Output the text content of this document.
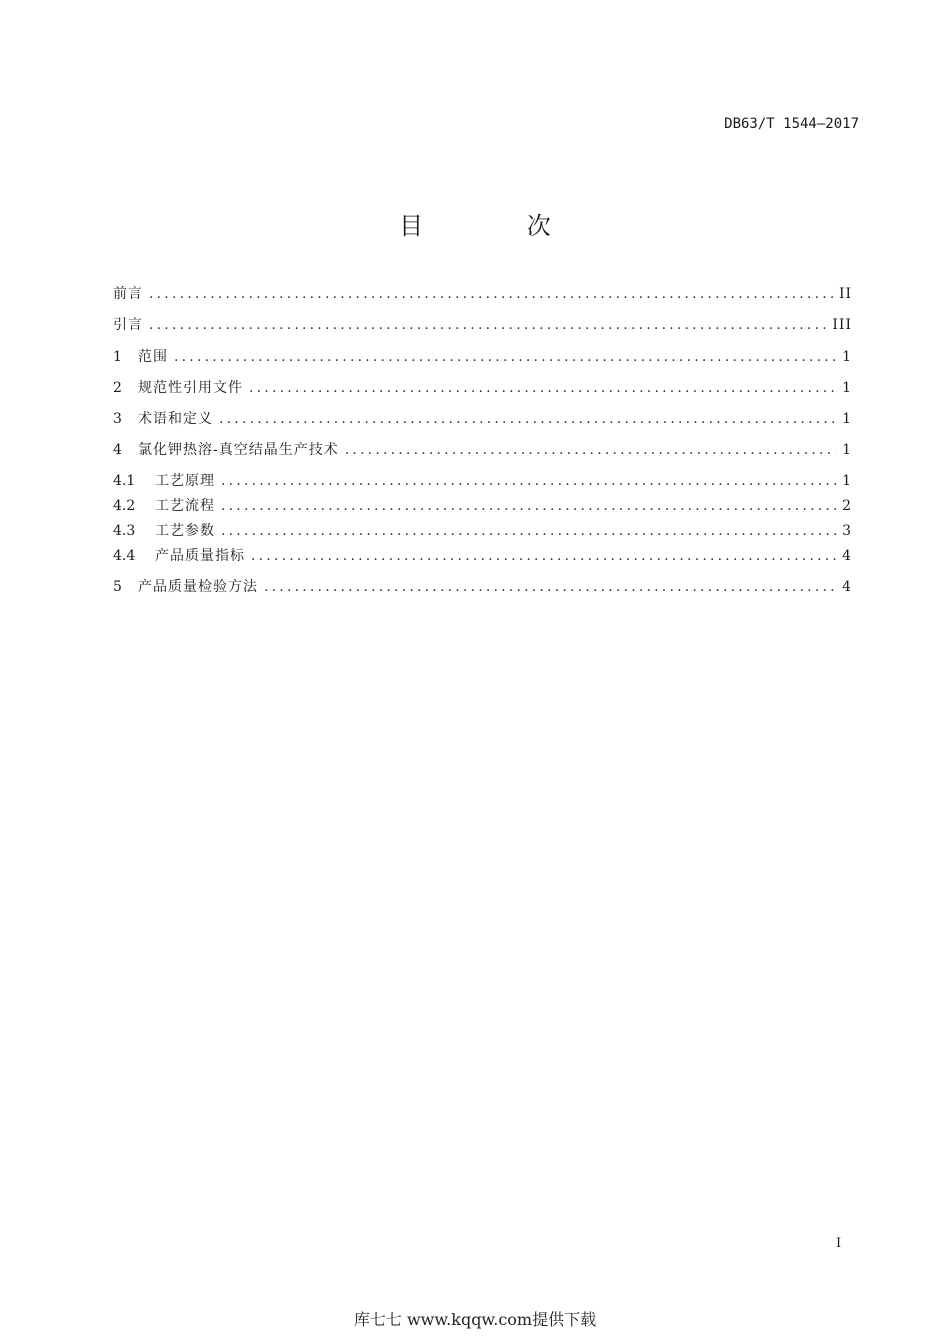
DB63/T 1544—2017
目 次
前言 .....	II
引言 .....	III
1	范围 .....	1
2	规范性引用文件 .....	1
3	术语和定义 .....	1
4	氯化钾热溶-真空结晶生产技术 .....	1
4.1	工艺原理 .....	1
4.2	工艺流程 .....	2
4.3	工艺参数 .....	3
4.4	产品质量指标 .....	4
5	产品质量检验方法 .....	4
I
库七七 www.kqqw.com提供下载
